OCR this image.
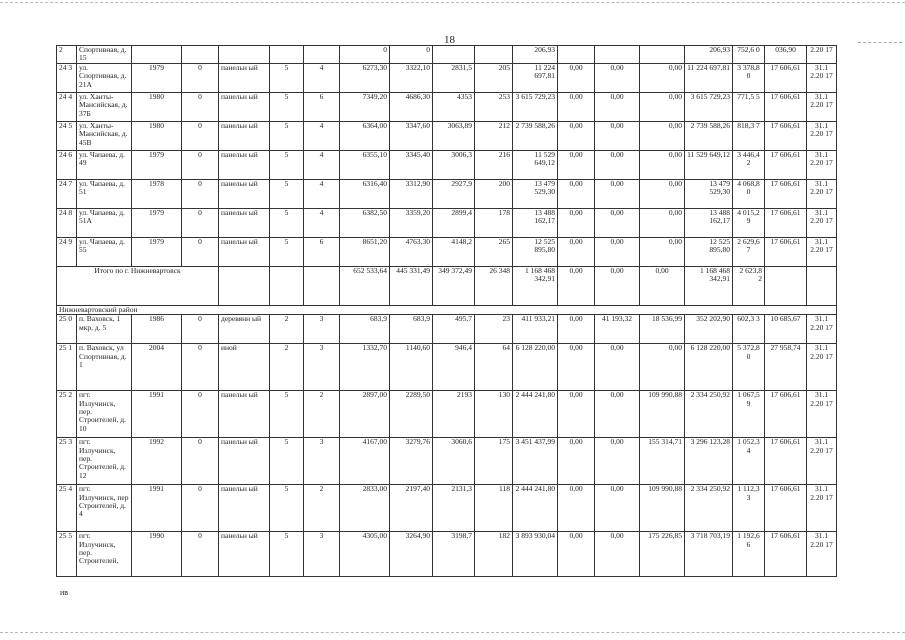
18
2	Спортивная, д. 15						0	0			206,93				206,93	752,6 0	036,90	2.20 17
24 3	ул. Спортивная, д. 21А	1979	0	панельн ый	5	4	6273,30	3322,10	2831,5	205	11 224 697,81	0,00	0,00	0,00	11 224 697,81	3 378,8 0	17 606,61	31.1 2.20 17
24 4	ул. Ханты-Мансийская, д. 37Б	1980	0	панельн ый	5	6	7349,20	4686,30	4353	253	3 615 729,23	0,00	0,00	0,00	3 615 729,23	771,5 5	17 606,61	31.1 2.20 17
24 5	ул. Ханты-Мансийская, д. 45В	1980	0	панельн ый	5	4	6364,00	3347,60	3063,89	212	2 739 588,26	0,00	0,00	0,00	2 739 588,26	818,3 7	17 606,61	31.1 2.20 17
24 6	ул. Чапаева, д. 49	1979	0	панельн ый	5	4	6355,10	3345,40	3006,3	216	11 529 649,12	0,00	0,00	0,00	11 529 649,12	3 446,4 2	17 606,61	31.1 2.20 17
24 7	ул. Чапаева, д. 51	1978	0	панельн ый	5	4	6316,40	3312,90	2927,9	200	13 479 529,30	0,00	0,00	0,00	13 479 529,30	4 068,8 0	17 606,61	31.1 2.20 17
24 8	ул. Чапаева, д. 51А	1979	0	панельн ый	5	4	6382,50	3359,20	2899,4	178	13 488 162,17	0,00	0,00	0,00	13 488 162,17	4 015,2 9	17 606,61	31.1 2.20 17
24 9	ул. Чапаева, д. 55	1979	0	панельн ый	5	6	8651,20	4763,30	4148,2	265	12 525 895,80	0,00	0,00	0,00	12 525 895,80	2 629,6 7	17 606,61	31.1 2.20 17
Итого по г. Нижневартовск							652 533,64	445 331,49	349 372,49	26 348	1 168 468 342,91	0,00	0,00	0,00	1 168 468 342,91	2 623,8 2		
Нижневартовский район																		
25 0	п. Ваховск, 1 мкр, д. 5	1986	0	деревянн ый	2	3	683,9	683,9	495,7	23	411 933,21	0,00	41 193,32	18 536,99	352 202,90	602,3 3	10 685,67	31.1 2.20 17
25 1	п. Ваховск, ул Спортивная, д. 1	2004	0	иной	2	3	1332,70	1140,60	946,4	64	6 128 220,00	0,00	0,00	0,00	6 128 220,00	5 372,8 0	27 958,74	31.1 2.20 17
25 2	пгт. Излучинск, пер. Строителей, д. 10	1991	0	панельн ый	5	2	2897,00	2289,50	2193	130	2 444 241,80	0,00	0,00	109 990,88	2 334 250,92	1 067,5 9	17 606,61	31.1 2.20 17
25 3	пгт. Излучинск, пер. Строителей, д. 12	1992	0	панельн ый	5	3	4167,00	3279,76	3060,6	175	3 451 437,99	0,00	0,00	155 314,71	3 296 123,28	1 052,3 4	17 606,61	31.1 2.20 17
25 4	пгт. Излучинск, пер Строителей, д. 4	1991	0	панельн ый	5	2	2833,00	2197,40	2131,3	118	2 444 241,80	0,00	0,00	109 990,88	2 334 250,92	1 112,3 3	17 606,61	31.1 2.20 17
25 5	пгт. Излучинск, пер. Строителей,	1990	0	панельн ый	5	3	4305,00	3264,90	3198,7	182	3 893 930,04	0,00	0,00	175 226,85	3 718 703,19	1 192,6 6	17 606,61	31.1 2.20 17
ив
